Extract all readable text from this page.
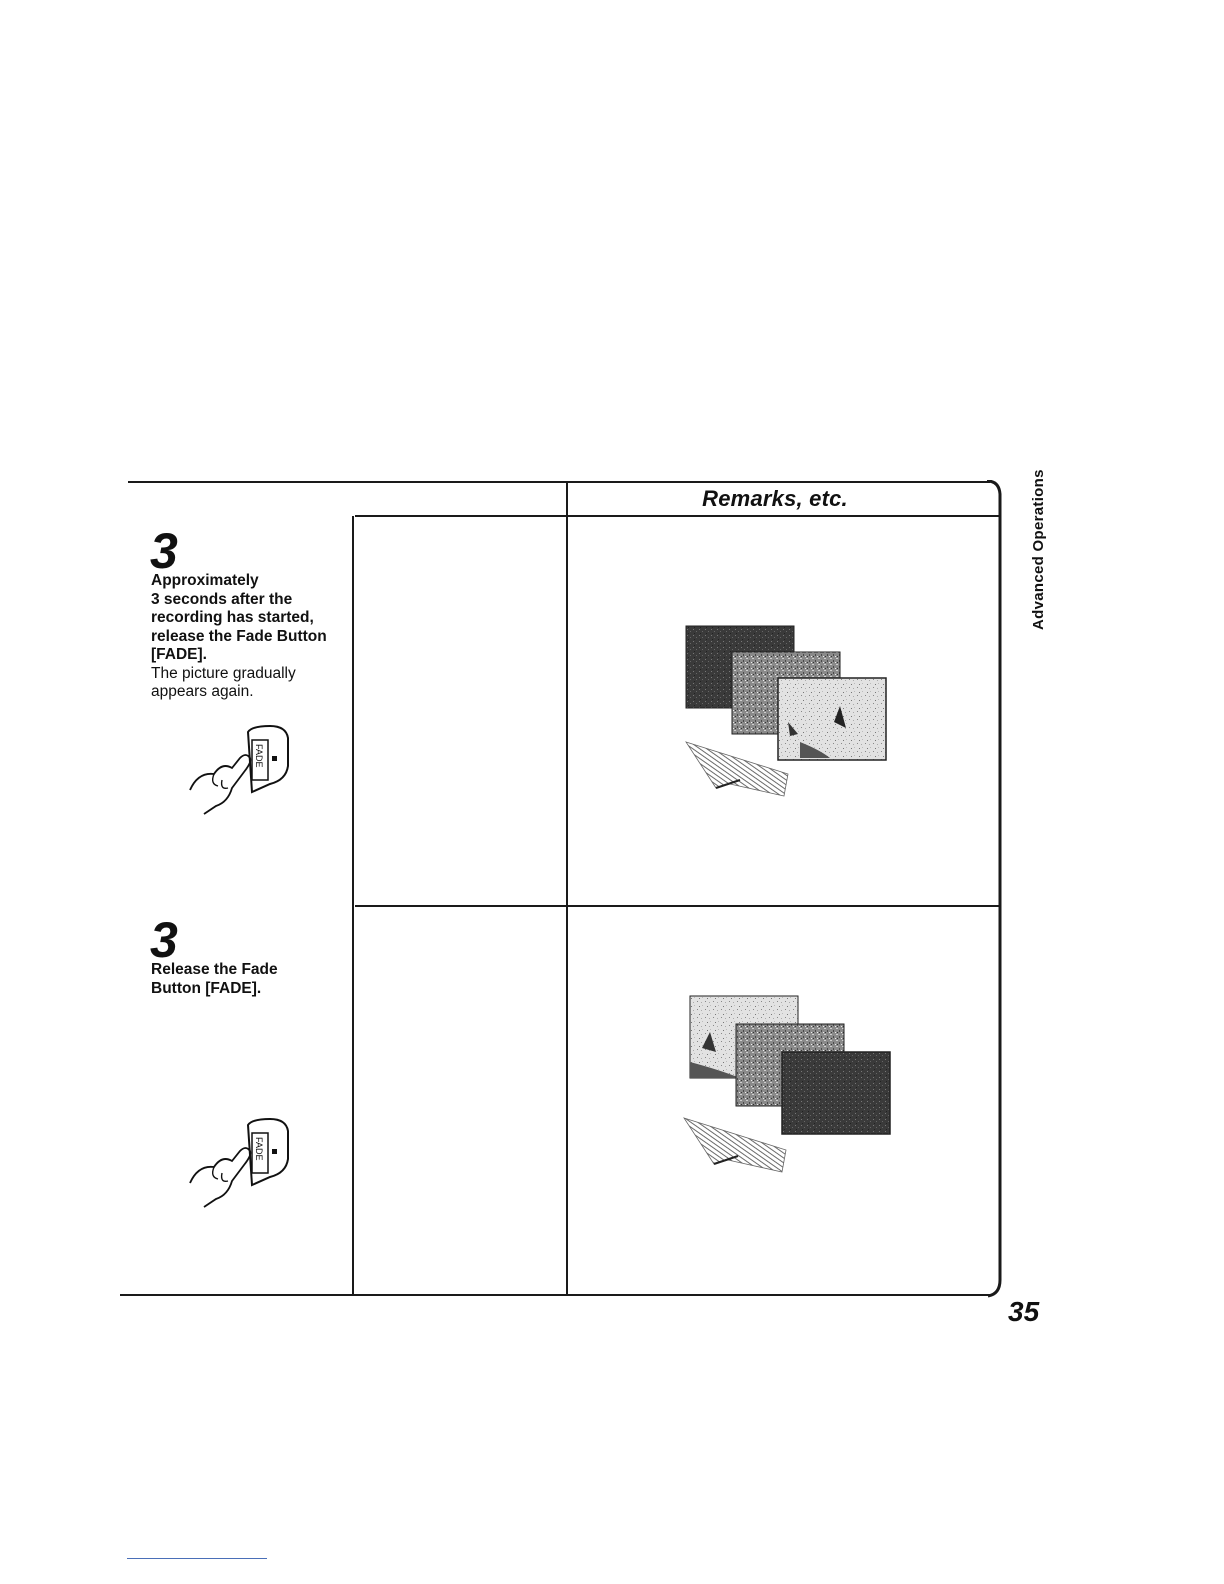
Remarks, etc.	Advanced Operations
35
3
Approximately
3 seconds after the
recording has started,
release the Fade Button
[FADE].
The picture gradually
appears again.
FADE
3
Release the Fade
Button [FADE].
FADE
